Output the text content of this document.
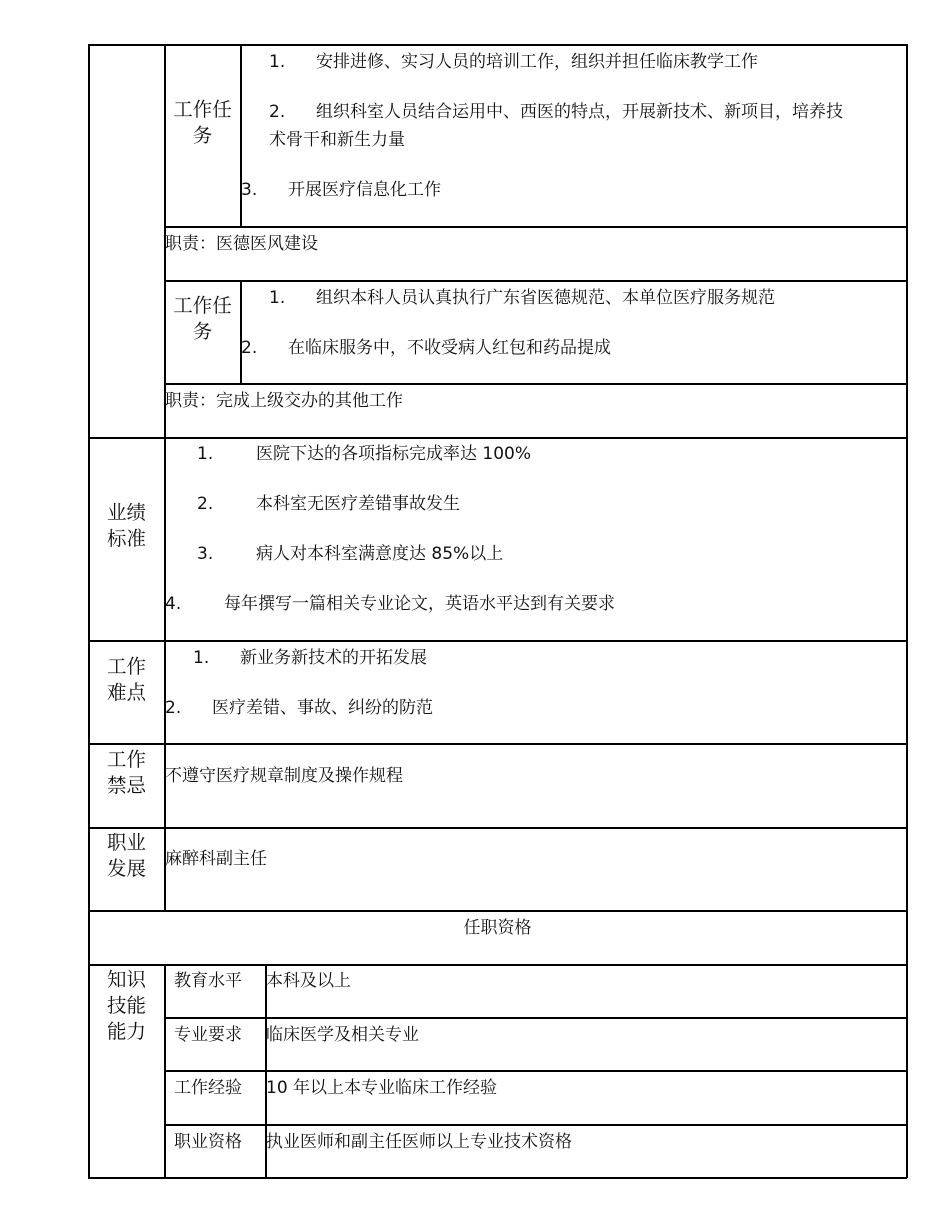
工作任务
1. 安排进修、实习人员的培训工作，组织并担任临床教学工作
2. 组织科室人员结合运用中、西医的特点，开展新技术、新项目，培养技
术骨干和新生力量
3. 开展医疗信息化工作
职责：医德医风建设
工作任务
1. 组织本科人员认真执行广东省医德规范、本单位医疗服务规范
2. 在临床服务中，不收受病人红包和药品提成
职责：完成上级交办的其他工作
业绩标准
1.	医院下达的各项指标完成率达 100%
2.	本科室无医疗差错事故发生
3.	病人对本科室满意度达 85%以上
4.	每年撰写一篇相关专业论文，英语水平达到有关要求
工作难点
1. 新业务新技术的开拓发展
2. 医疗差错、事故、纠纷的防范
工作禁忌	不遵守医疗规章制度及操作规程
职业发展	麻醉科副主任
任职资格
知识技能能力
教育水平 本科及以上
专业要求 临床医学及相关专业
工作经验 10 年以上本专业临床工作经验
职业资格 执业医师和副主任医师以上专业技术资格
